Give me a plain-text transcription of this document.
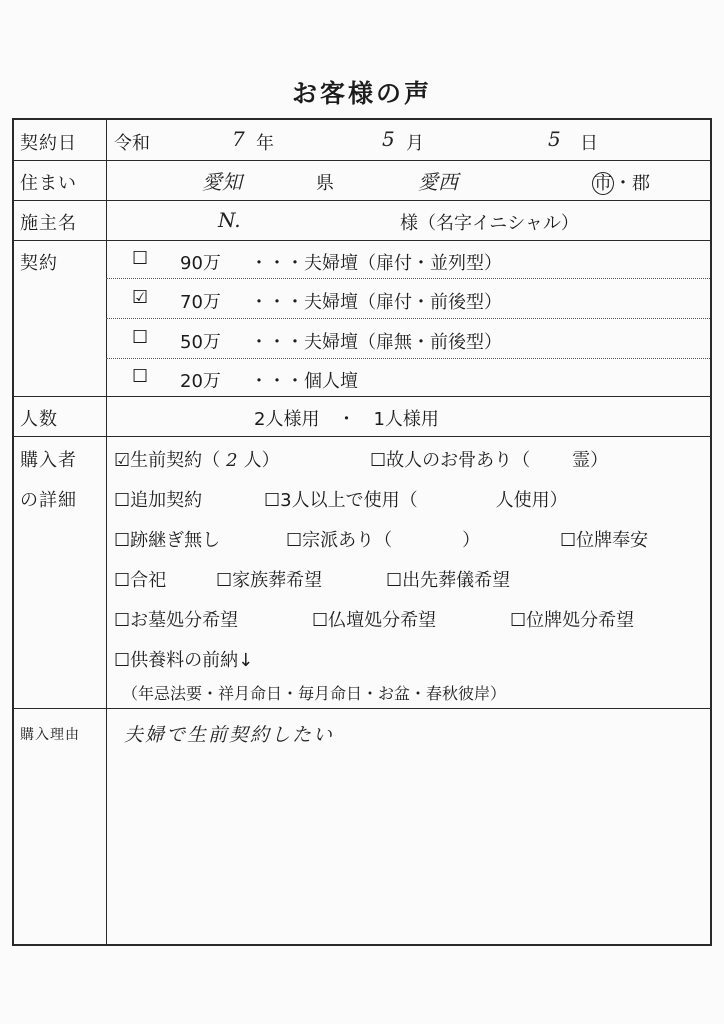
お客様の声
契約日 令和	7 年	5 月	5 日
住まい	愛知	県	愛西	市 ・郡
施主名	N.	様（名字イニシャル）
契約	☐ 90万 ・・・夫婦壇（扉付・並列型）
☑ 70万 ・・・夫婦壇（扉付・前後型）
☐ 50万 ・・・夫婦壇（扉無・前後型）
☐ 20万 ・・・個人壇
人数	2人様用　・　1人様用
購入者
の詳細
☑生前契約（ 2 人）	☐故人のお骨あり（ 霊）
☐追加契約	☐3人以上で使用（	人使用）
☐跡継ぎ無し	☐宗派あり（	）	☐位牌奉安
☐合祀	☐家族葬希望	☐出先葬儀希望
☐お墓処分希望	☐仏壇処分希望	☐位牌処分希望
☐供養料の前納↓
（年忌法要・祥月命日・毎月命日・お盆・春秋彼岸）
購入理由 夫婦で生前契約したい
